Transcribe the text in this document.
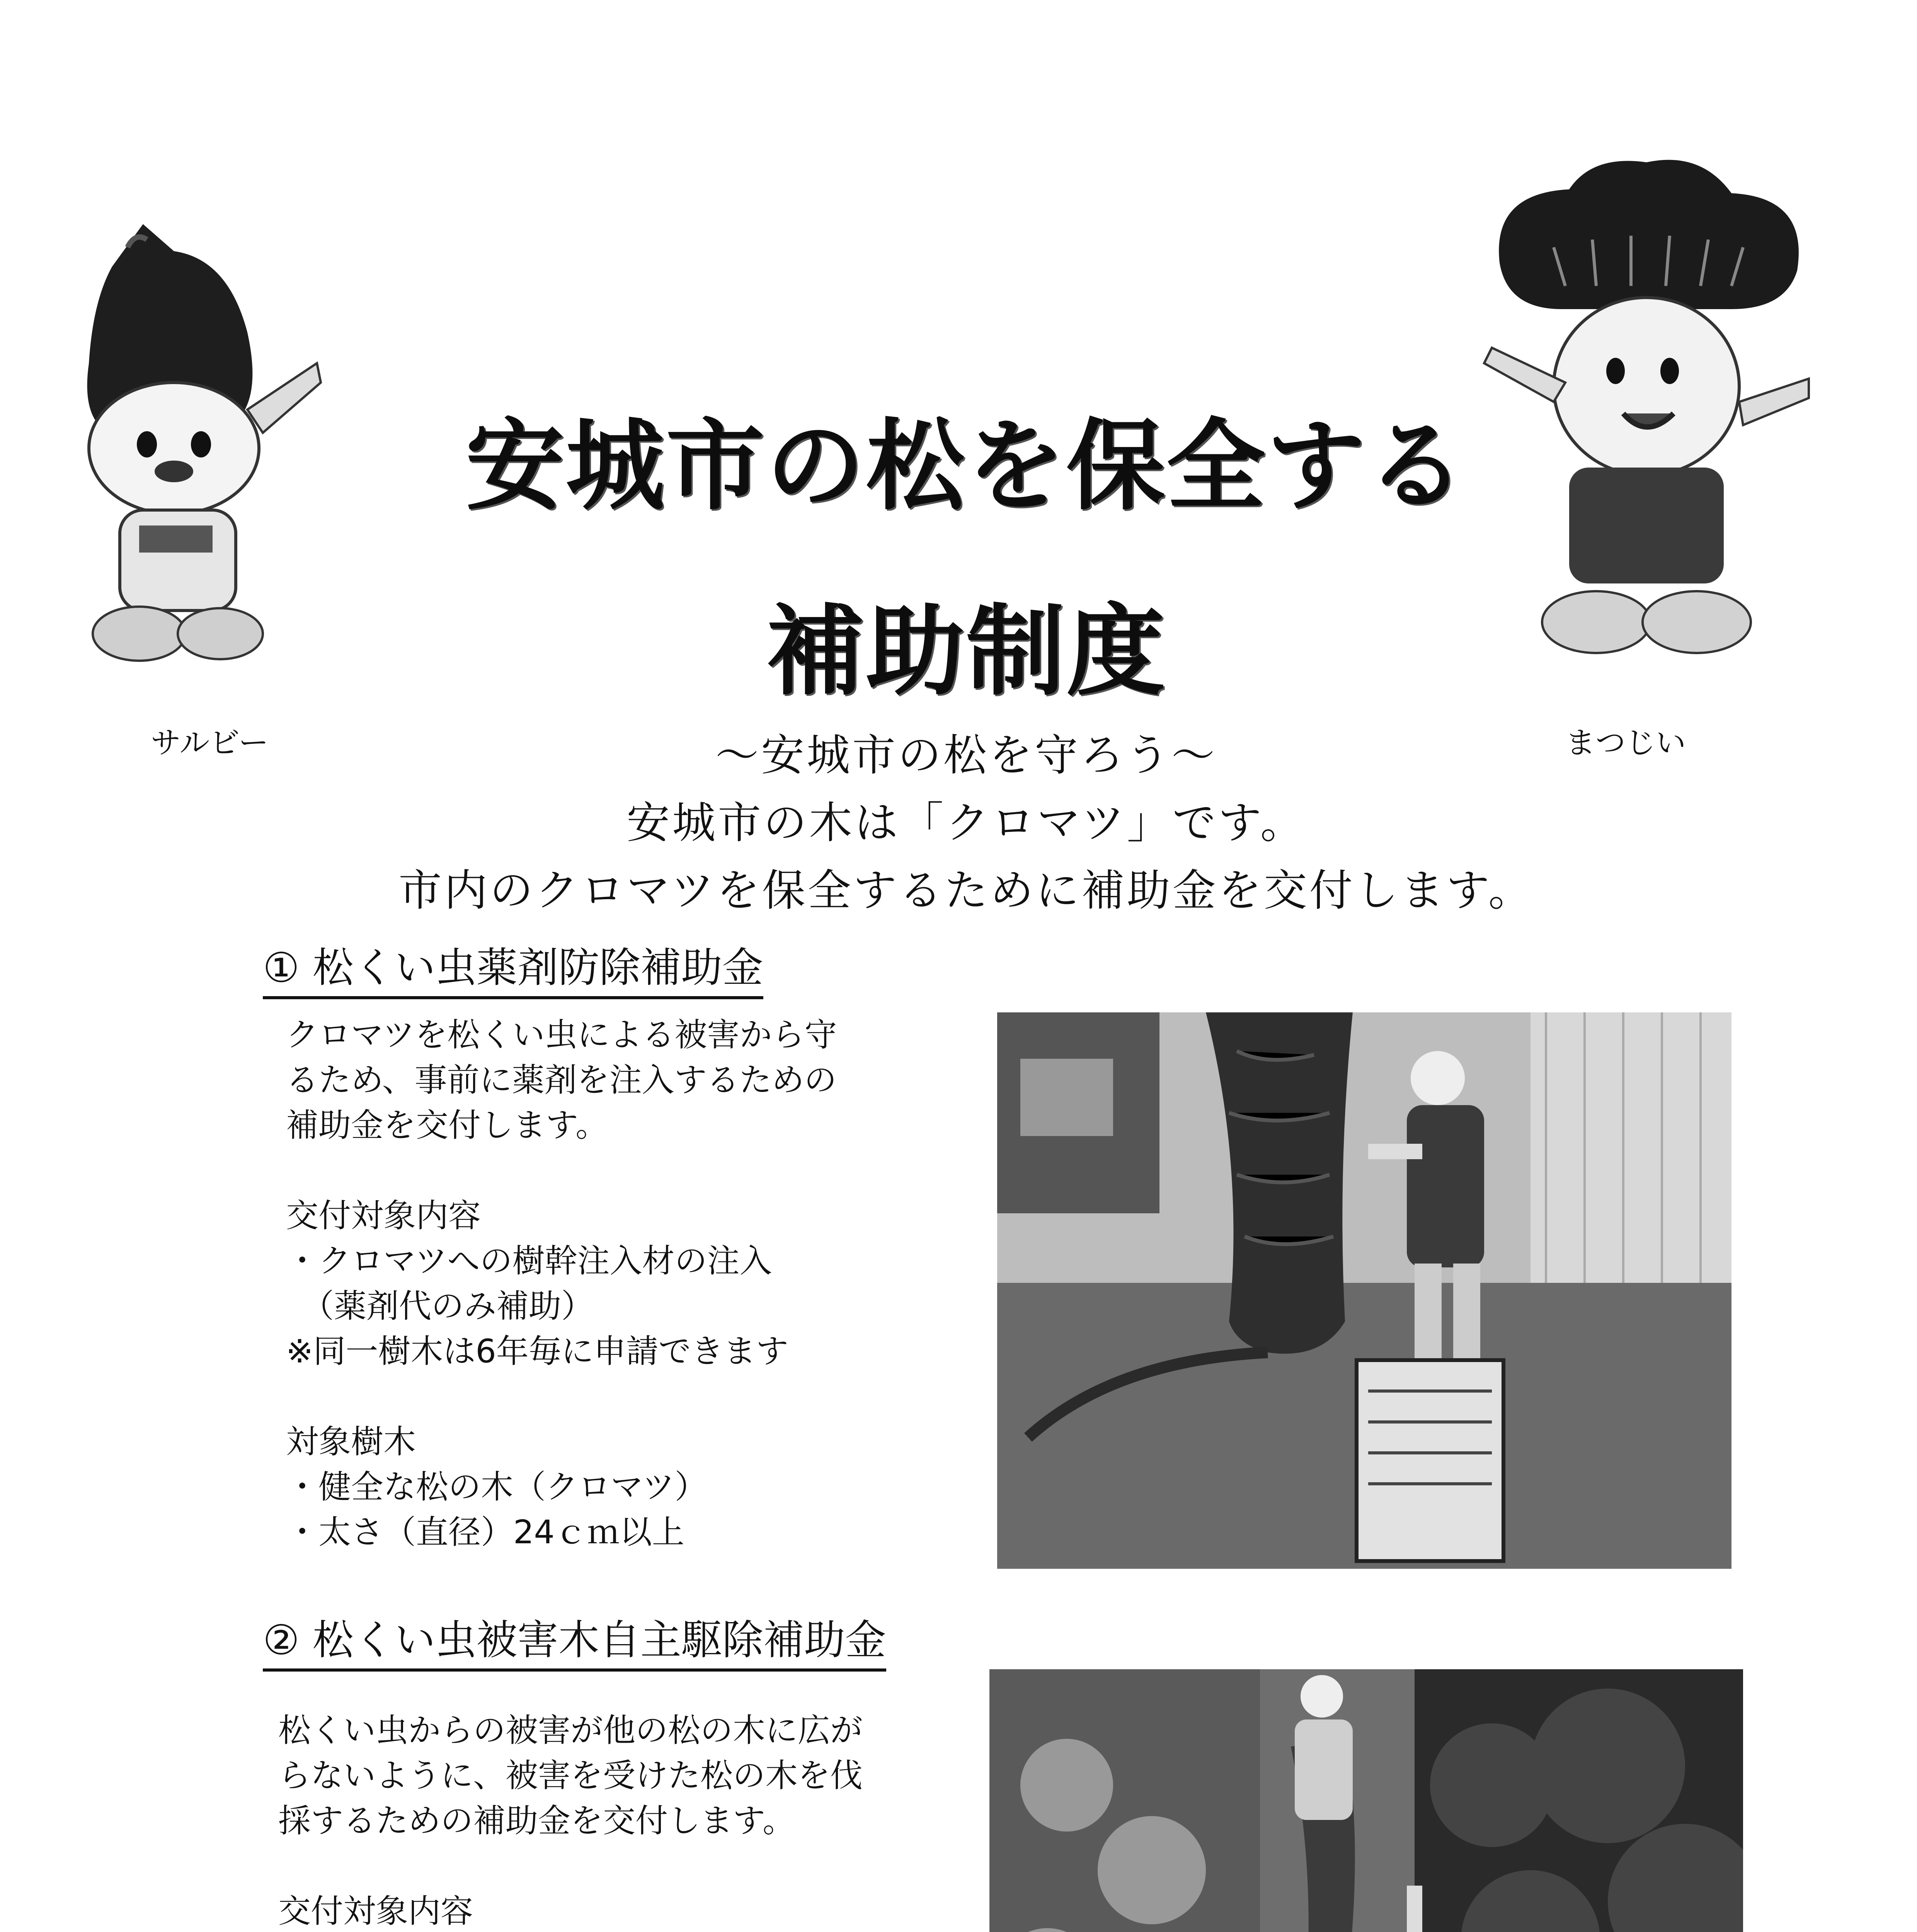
安城市の松を保全する
補助制度
サルビー	まつじい
〜安城市の松を守ろう〜
安城市の木は「クロマツ」です。
市内のクロマツを保全するために補助金を交付します。
① 松くい虫薬剤防除補助金
クロマツを松くい虫による被害から守
るため、事前に薬剤を注入するための
補助金を交付します。
交付対象内容
・クロマツへの樹幹注入材の注入
（薬剤代のみ補助）
※同一樹木は6年毎に申請できます
対象樹木
・健全な松の木（クロマツ）
・太さ（直径）24ｃｍ以上
② 松くい虫被害木自主駆除補助金
松くい虫からの被害が他の松の木に広が
らないように、被害を受けた松の木を伐
採するための補助金を交付します。
交付対象内容
